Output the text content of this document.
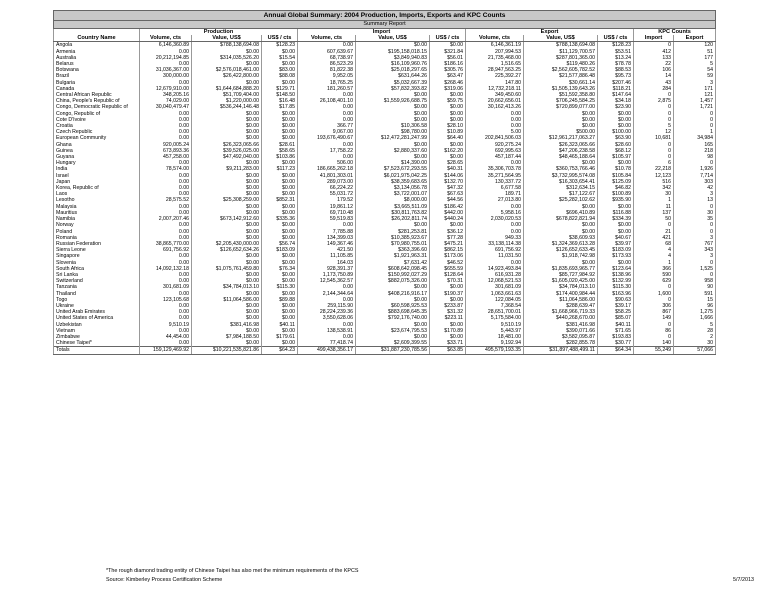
Annual Global Summary: 2004 Production, Imports, Exports and KPC Counts											
Summary Report											
	Production			Import			Export			KPC Counts	
Country Name	Volume, cts	Value, US$	US$ / cts	Volume, cts	Value, US$	US$ / cts	Volume, cts	Value, US$	US$ / cts	Import	Export
Angola	6,146,360.89	$788,138,694.08	$128.23	0.00	$0.00	$0.00	6,146,361.19	$788,138,694.08	$128.23	0	120
Armenia	0.00	$0.00	$0.00	607,639.67	$195,158,018.15	$321.84	207,994.53	$11,129,700.57	$53.51	412	51
Australia	20,212,194.85	$314,035,526.20	$15.54	68,738.97	$3,849,940.83	$56.01	21,735,468.00	$287,801,365.00	$13.24	133	177
Belarus	0.00	$0.00	$0.00	86,523.29	$16,109,960.76	$186.16	1,516.65	$119,480.26	$78.78	22	5
Botswana	31,036,367.00	$2,576,018,461.00	$83.00	81,822.38	$25,018,297.65	$305.76	28,947,563.25	$2,562,605,782.52	$88.53	106	54
Brazil	300,000.00	$26,422,800.00	$88.08	9,952.05	$631,644.26	$63.47	225,392.27	$21,577,886.48	$95.73	14	59
Bulgaria	0.00	$0.00	$0.00	18,765.25	$5,032,667.39	$268.46	147.80	$30,661.14	$207.46	43	3
Canada	12,679,910.00	$1,644,684,888.20	$129.71	181,260.57	$57,832,393.82	$319.06	12,732,218.11	$1,505,139,643.26	$118.21	284	171
Central African Republic	348,205.16	$51,709,404.00	$148.50	0.00	$0.00	$0.00	349,450.60	$51,592,358.80	$147.64	0	121
China, People's Republic of	74,029.00	$1,220,000.00	$16.48	26,108,401.10	$1,559,926,688.75	$59.75	20,662,656.01	$706,245,584.25	$34.18	2,875	1,457
Congo, Democratic Republic of	30,040,479.47	$536,244,146.48	$17.85	0.00	$0.00	$0.00	30,162,413.26	$720,899,077.00	$23.90	0	1,721
Congo, Republic of	0.00	$0.00	$0.00	0.00	$0.00	$0.00	0.00	$0.00	$0.00	0	0
Cote D'Ivoire	0.00	$0.00	$0.00	0.00	$0.00	$0.00	0.00	$0.00	$0.00	0	0
Croatia	0.00	$0.00	$0.00	366.77	$10,306.58	$28.10	0.00	$0.00	$0.00	5	0
Czech Republic	0.00	$0.00	$0.00	9,067.00	$98,780.00	$10.89	5.00	$500.00	$100.00	12	1
European Community	0.00	$0.00	$0.00	193,676,490.67	$12,472,281,247.99	$64.40	202,841,506.03	$12,961,217,063.27	$63.90	10,681	34,984
Ghana	920,005.24	$26,323,065.66	$28.61	0.00	$0.00	$0.00	920,275.24	$26,323,065.66	$28.60	0	165
Guinea	673,893.36	$39,526,025.00	$58.65	17,758.22	$2,880,337.60	$162.20	692,995.63	$47,206,238.58	$68.12	0	218
Guyana	457,258.00	$47,492,040.00	$103.86	0.00	$0.00	$0.00	457,187.44	$48,465,188.64	$105.97	0	98
Hungary	0.00	$0.00	$0.00	506.00	$14,390.00	$28.65	0.00	$0.00	$0.00	6	0
India	78,574.00	$9,211,283.00	$117.23	186,665,262.18	$7,523,672,293.55	$40.31	35,306,703.78	$360,753,766.46	$10.78	22,218	1,926
Israel	0.00	$0.00	$0.00	41,801,303.01	$6,021,975,042.25	$144.06	35,271,564.95	$3,732,995,574.08	$105.84	12,123	7,714
Japan	0.00	$0.00	$0.00	289,073.00	$38,359,683.65	$132.70	130,337.72	$16,303,654.41	$125.09	516	303
Korea, Republic of	0.00	$0.00	$0.00	66,224.22	$3,134,056.78	$47.32	6,677.58	$312,634.15	$46.82	342	42
Laos	0.00	$0.00	$0.00	55,031.72	$3,722,001.07	$67.63	189.71	$17,122.67	$100.89	30	3
Lesotho	28,575.52	$25,308,259.00	$852.31	179.52	$8,000.00	$44.56	27,013.80	$25,282,102.62	$935.90	1	13
Malaysia	0.00	$0.00	$0.00	19,861.12	$3,665,511.09	$186.42	0.00	$0.00	$0.00	11	0
Mauritius	0.00	$0.00	$0.00	69,710.48	$30,811,763.82	$442.00	5,958.16	$696,410.89	$116.88	137	30
Namibia	2,007,207.46	$673,142,912.60	$335.36	59,519.83	$26,202,811.74	$440.24	2,030,020.53	$678,822,821.94	$334.39	50	35
Norway	0.00	$0.00	$0.00	0.00	$0.00	$0.00	0.00	$0.00	$0.00	0	0
Poland	0.00	$0.00	$0.00	7,785.88	$281,253.81	$36.12	0.00	$0.00	$0.00	21	0
Romania	0.00	$0.00	$0.00	134,399.03	$10,385,923.67	$77.28	949.33	$38,609.93	$40.67	421	3
Russian Federation	38,865,770.00	$2,205,430,000.00	$56.74	149,367.46	$70,980,755.01	$475.21	33,138,114.38	$1,324,369,613.28	$39.97	68	767
Sierra Leone	691,756.92	$126,652,634.26	$183.09	421.50	$363,396.60	$862.15	691,756.92	$126,652,633.45	$183.09	4	343
Singapore	0.00	$0.00	$0.00	11,105.85	$1,921,963.31	$173.06	11,031.50	$1,918,742.98	$173.93	4	3
Slovenia	0.00	$0.00	$0.00	164.03	$7,631.42	$46.52	0.00	$0.00	$0.00	1	0
South Africa	14,092,132.18	$1,075,761,459.80	$76.34	928,391.37	$608,642,098.45	$655.59	14,923,493.84	$1,835,693,965.77	$123.64	366	1,525
Sri Lanka	0.00	$0.00	$0.00	1,173,750.89	$150,992,027.29	$128.64	616,931.28	$85,727,984.92	$138.96	590	0
Switzerland	0.00	$0.00	$0.00	12,545,362.57	$882,075,326.00	$70.31	12,068,521.53	$1,605,020,425.00	$132.99	629	958
Tanzania	301,681.09	$34,784,013.10	$115.30	0.00	$0.00	$0.00	301,681.09	$34,784,013.10	$115.30	0	90
Thailand	0.00	$0.00	$0.00	2,144,344.64	$408,216,916.17	$190.37	1,063,661.63	$174,400,984.44	$163.96	1,600	591
Togo	123,105.68	$11,064,586.00	$89.88	0.00	$0.00	$0.00	122,084.05	$11,064,586.00	$90.63	0	15
Ukraine	0.00	$0.00	$0.00	259,115.90	$60,598,925.53	$233.87	7,368.54	$288,639.47	$39.17	306	96
United Arab Emirates	0.00	$0.00	$0.00	28,224,239.36	$883,698,645.35	$31.32	28,651,700.01	$1,668,966,719.33	$58.25	867	1,275
United States of America	0.00	$0.00	$0.00	3,550,628.06	$792,176,740.00	$223.11	5,175,584.00	$440,268,670.00	$85.07	149	1,666
Uzbekistan	9,510.19	$381,416.98	$40.11	0.00	$0.00	$0.00	9,510.19	$381,416.98	$40.11	0	5
Vietnam	0.00	$0.00	$0.00	138,538.91	$23,674,795.53	$170.89	5,443.97	$390,071.66	$71.65	86	28
Zimbabwe	44,454.00	$7,984,188.50	$179.61	0.00	$0.00	$0.00	18,481.00	$3,582,095.87	$193.83	0	2
Chinese Taipei*	0.00	$0.00	$0.00	77,418.74	$2,609,399.55	$33.71	9,192.94	$282,855.78	$30.77	140	30
Totals	159,129,469.92	$10,221,535,821.86	$64.23	499,438,356.17	$31,887,230,785.56	$63.85	495,579,193.35	$31,897,488,499.11	$64.34	55,249	57,066
*The rough diamond trading entity of Chinese Taipei has also met the minimum requirements of the KPCS
Source: Kimberley Process Certification Scheme	5/7/2013
